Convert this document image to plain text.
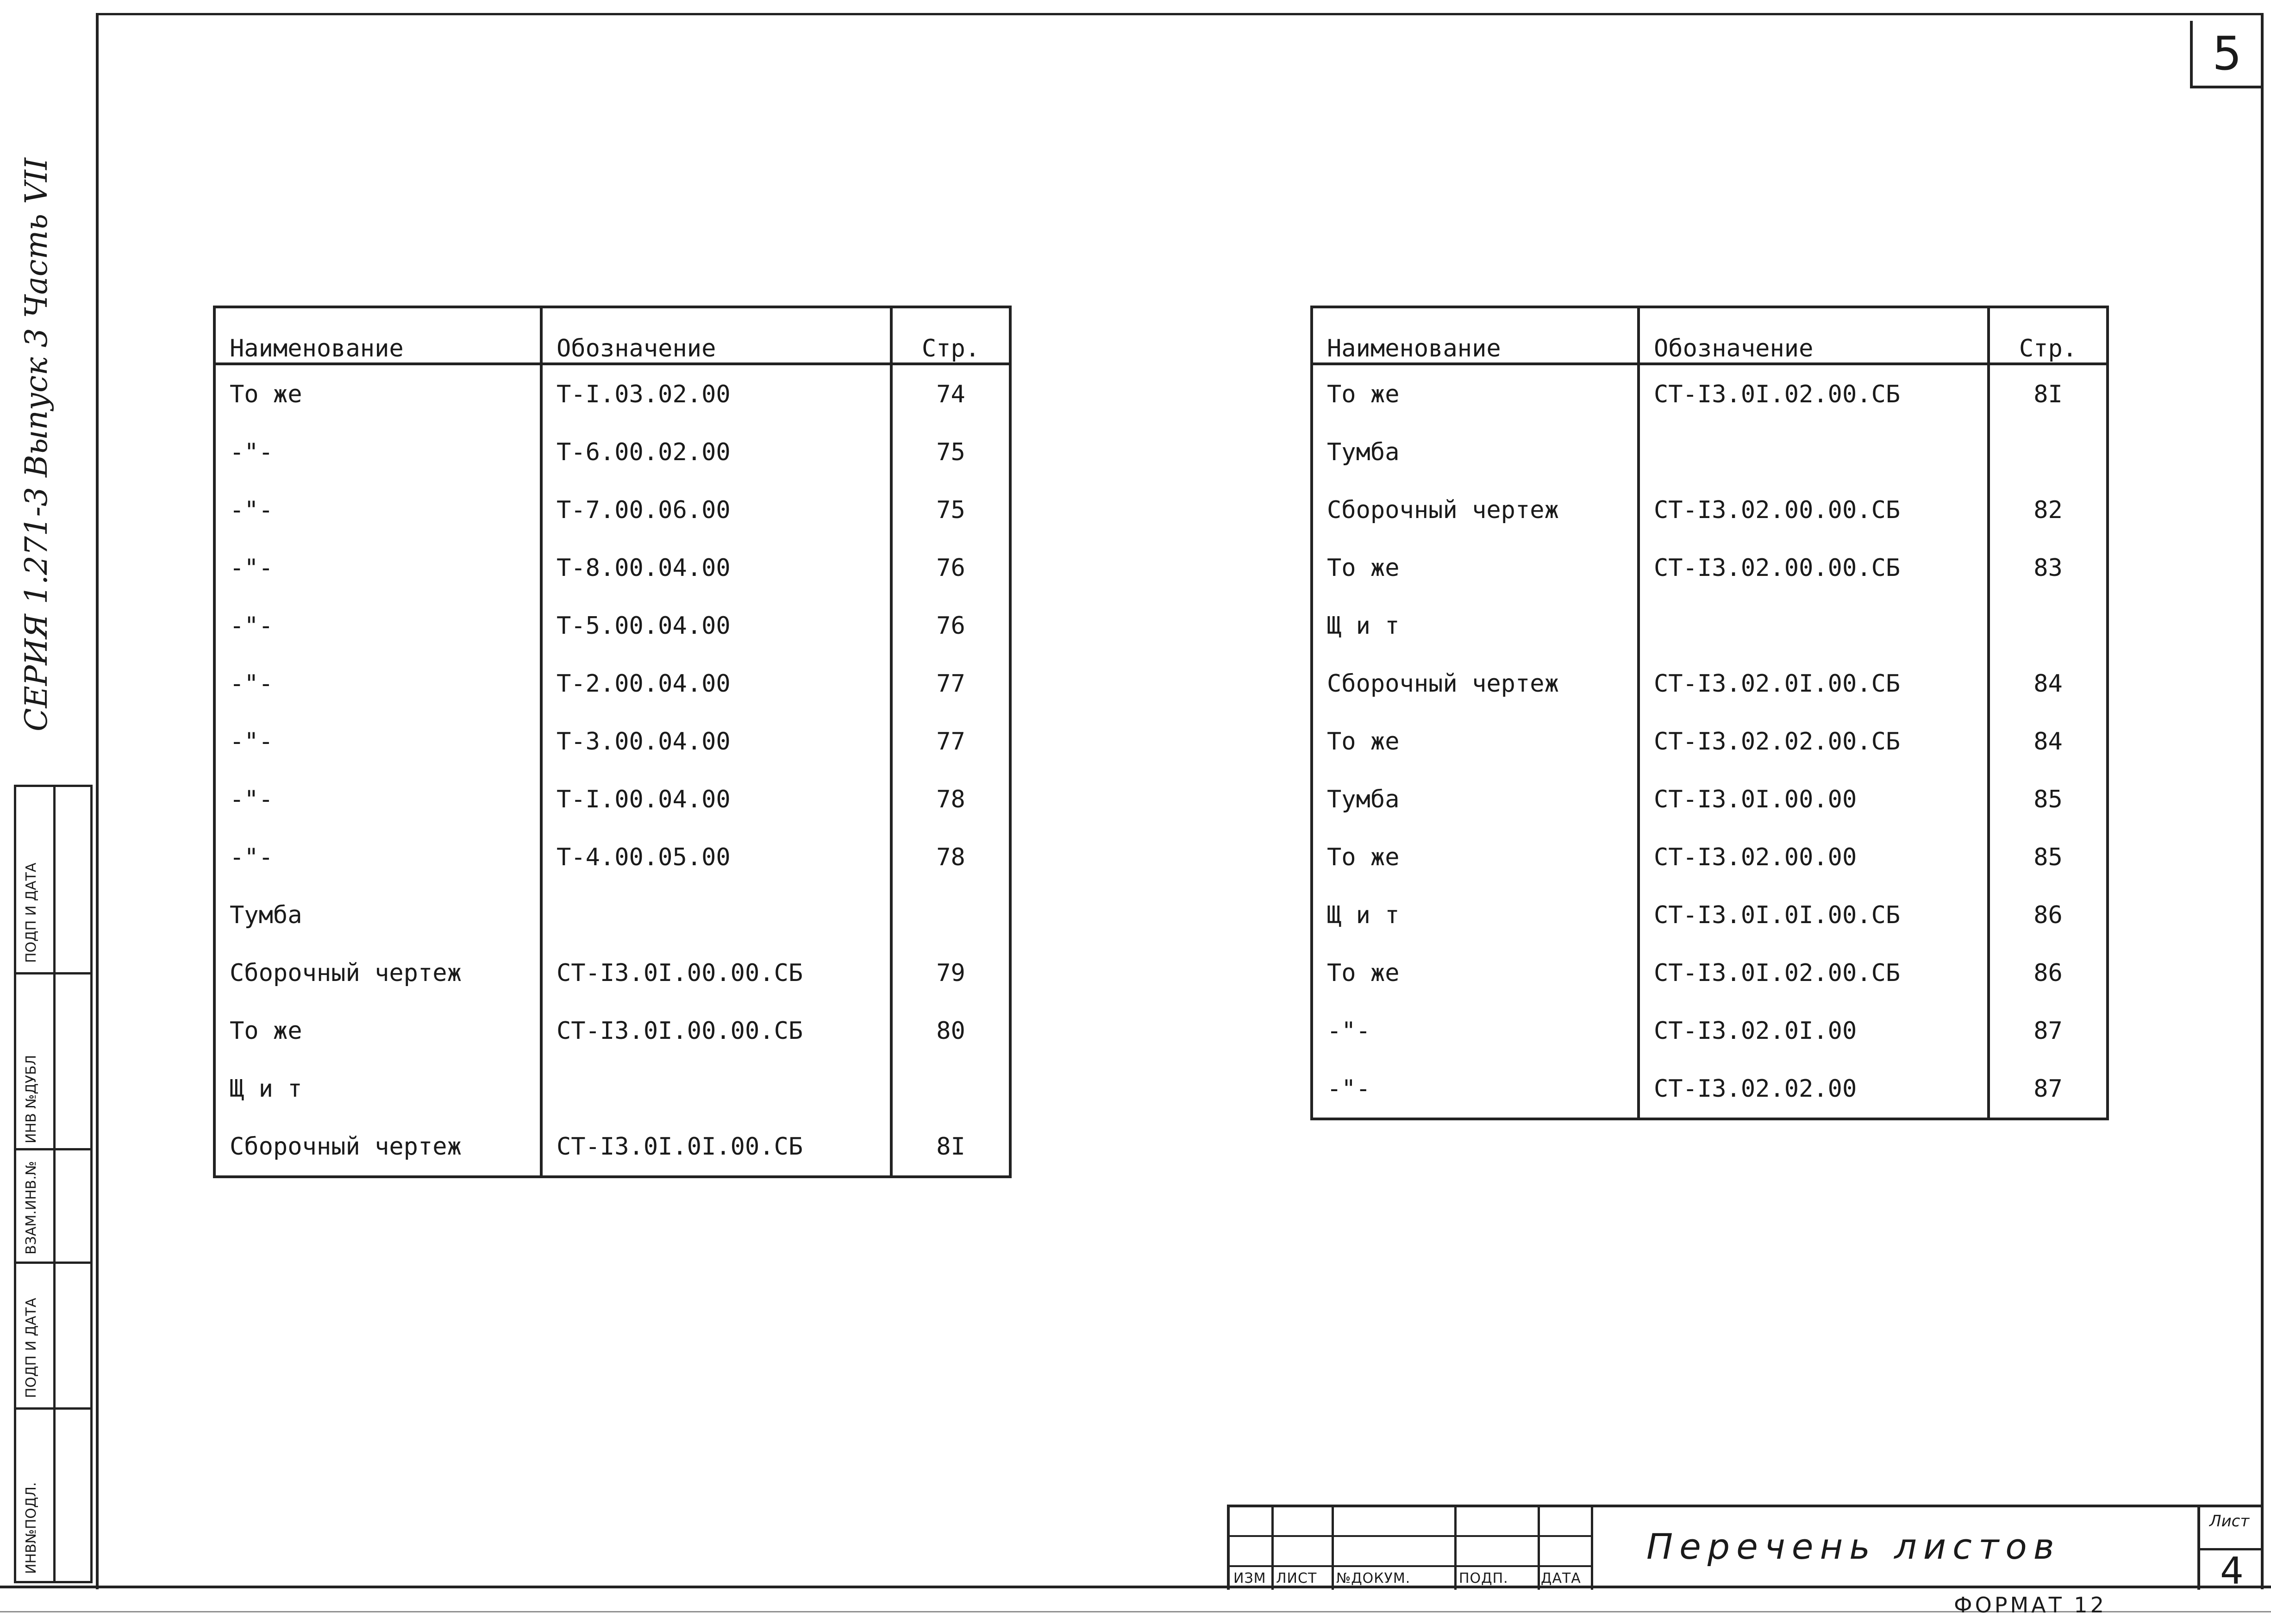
5
СЕРИЯ 1.271-3 Выпуск 3 Часть VII
ИНВ№ПОДЛ.
ПОДП И ДАТА
ВЗАМ.ИНВ.№
ИНВ №ДУБЛ
ПОДП И ДАТА
Наименование	Обозначение	Стр.
То же	Т-I.03.02.00	74
-"-	Т-6.00.02.00	75
-"-	Т-7.00.06.00	75
-"-	Т-8.00.04.00	76
-"-	Т-5.00.04.00	76
-"-	Т-2.00.04.00	77
-"-	Т-3.00.04.00	77
-"-	Т-I.00.04.00	78
-"-	Т-4.00.05.00	78
Тумба		
Сборочный чертеж	СТ-I3.0I.00.00.СБ	79
То же	СТ-I3.0I.00.00.СБ	80
Щ и т		
Сборочный чертеж	СТ-I3.0I.0I.00.СБ	8I
Наименование	Обозначение	Стр.
То же	СТ-I3.0I.02.00.СБ	8I
Тумба		
Сборочный чертеж	СТ-I3.02.00.00.СБ	82
То же	СТ-I3.02.00.00.СБ	83
Щ и т		
Сборочный чертеж	СТ-I3.02.0I.00.СБ	84
То же	СТ-I3.02.02.00.СБ	84
Тумба	СТ-I3.0I.00.00	85
То же	СТ-I3.02.00.00	85
Щ и т	СТ-I3.0I.0I.00.СБ	86
То же	СТ-I3.0I.02.00.СБ	86
-"-	СТ-I3.02.0I.00	87
-"-	СТ-I3.02.02.00	87
ИЗМ ЛИСТ №ДОКУМ.	ПОДП. ДАТА
Перечень листов
Лист
4
ФОРМАТ 12
